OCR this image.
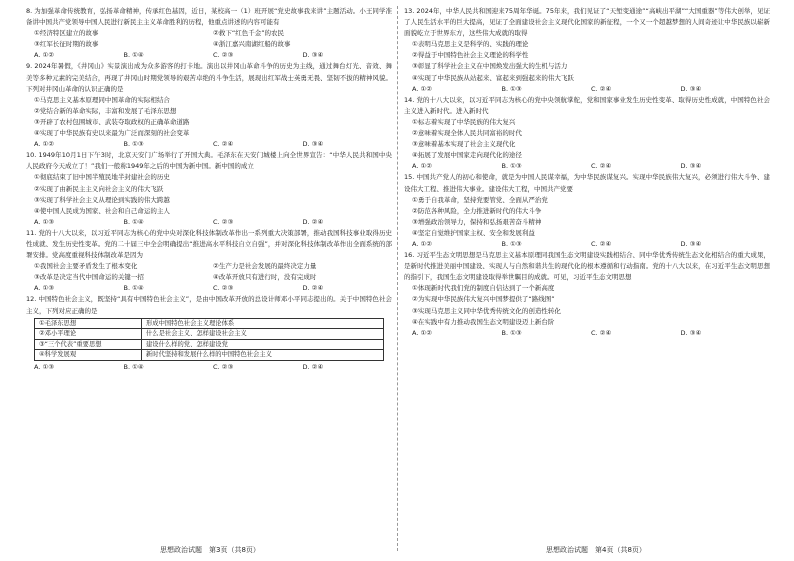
8. 为加强革命传统教育，弘扬革命精神，传承红色基因，近日，某校高一（1）班开展“党史故事我来讲”主题活动。小王同学准备讲中国共产党领导中国人民进行新民主主义革命胜利的历程，他重点讲述的内容可能有

①经济特区建立的故事	②救下“红色千金”的农民
③红军长征时期的故事	④浙江嘉兴南湖红船的故事
A. ①②	B. ①④	C. ②③	D. ③④

9. 2024年暑假，《井冈山》实景演出成为众多游客的打卡地。演出以井冈山革命斗争的历史为主线，通过舞台灯光、音效、舞美等多种元素的完美结合，再现了井冈山时期党领导的艰苦卓绝的斗争生活，展现出红军战士英勇无畏、坚韧不拔的精神风貌。下列对井冈山革命的认识正确的是

①马克思主义基本原理同中国革命的实际相结合

②党结合新的革命实际，丰富和发展了毛泽东思想

③开辟了农村包围城市、武装夺取政权的正确革命道路

④实现了中华民族有史以来最为广泛而深刻的社会变革

A. ①②	B. ①③	C. ②④	D. ③④

10. 1949年10月1日下午3时，北京天安门广场举行了开国大典。毛泽东在天安门城楼上向全世界宣告：“中华人民共和国中央人民政府今天成立了！”我们一般称1949年之后的中国为新中国。新中国的成立

①彻底结束了旧中国半殖民地半封建社会的历史

②实现了由新民主主义向社会主义的伟大飞跃

③实现了科学社会主义从理论到实践的伟大跨越

④使中国人民成为国家、社会和自己命运的主人

A. ①③	B. ①④	C. ②③	D. ②④

11. 党的十八大以来，以习近平同志为核心的党中央对深化科技体制改革作出一系列重大决策部署，推动我国科技事业取得历史性成就、发生历史性变革。党的二十届三中全会明确提出“推进高水平科技自立自强”，并对深化科技体制改革作出全面系统的部署安排。党高度重视科技体制改革是因为

①我国社会主要矛盾发生了根本变化	②生产力是社会发展的最终决定力量
③改革是决定当代中国命运的关键一招	④改革开放只有进行时，没有完成时
A. ①③	B. ①④	C. ②③	D. ②④

12. 中国特色社会主义，既坚持“具有中国特色社会主义”，是由中国改革开放的总设计师邓小平同志提出的。关于中国特色社会主义，下列对应正确的是

①毛泽东思想	形成中国特色社会主义理论体系
②邓小平理论	什么是社会主义、怎样建设社会主义
③“三个代表”重要思想	建设什么样的党、怎样建设党
④科学发展观	新时代坚持和发展什么样的中国特色社会主义
A. ①③	B. ①④	C. ②③	D. ②④

13. 2024年，中华人民共和国迎来75周年华诞。75年来，我们见证了“天堑变通途”“高峡出平湖”“大国重器”等伟大创举，见证了人民生活水平的巨大提高，见证了全面建设社会主义现代化国家的新征程，一个又一个超越梦想的人间奇迹让中华民族以崭新面貌屹立于世界东方，这些伟大成就的取得

①表明马克思主义是科学的、实践的理论

②得益于中国特色社会主义理论的科学性

③彰显了科学社会主义在中国焕发出强大的生机与活力

④实现了中华民族从站起来、富起来到强起来的伟大飞跃

A. ①②	B. ①③	C. ②④	D. ③④

14. 党的十八大以来，以习近平同志为核心的党中央领航掌舵，党和国家事业发生历史性变革、取得历史性成就，中国特色社会主义进入新时代。进入新时代

①标志着实现了中华民族的伟大复兴

②意味着实现全体人民共同富裕的时代

③意味着基本实现了社会主义现代化

④拓展了发展中国家走向现代化的途径

A. ①②	B. ①③	C. ②④	D. ③④

15. 中国共产党人的初心和使命，就是为中国人民谋幸福，为中华民族谋复兴。实现中华民族伟大复兴，必须进行伟大斗争、建设伟大工程、推进伟大事业。建设伟大工程，中国共产党要

①勇于自我革命，坚持党要管党、全面从严治党

②防范各种风险，全力推进新时代的伟大斗争

③增强政治领导力，保持和弘扬艰苦奋斗精神

④坚定自觉维护国家主权、安全和发展利益

A. ①②	B. ①③	C. ②④	D. ③④

16. 习近平生态文明思想是马克思主义基本原理同我国生态文明建设实践相结合、同中华优秀传统生态文化相结合的重大成果，是新时代推进美丽中国建设、实现人与自然和谐共生的现代化的根本遵循和行动指南。党的十八大以来，在习近平生态文明思想的指引下，我国生态文明建设取得举世瞩目的成就。可见，习近平生态文明思想

①体现新时代我们党的制度自信达到了一个新高度

②为实现中华民族伟大复兴中国梦提供了“路线图”

③实现马克思主义同中华优秀传统文化的创造性转化

④在实践中有力推动我国生态文明建设迈上新台阶

A. ①②	B. ①③	C. ②④	D. ③④
思想政治试题　第3页（共8页）	思想政治试题　第4页（共8页）
